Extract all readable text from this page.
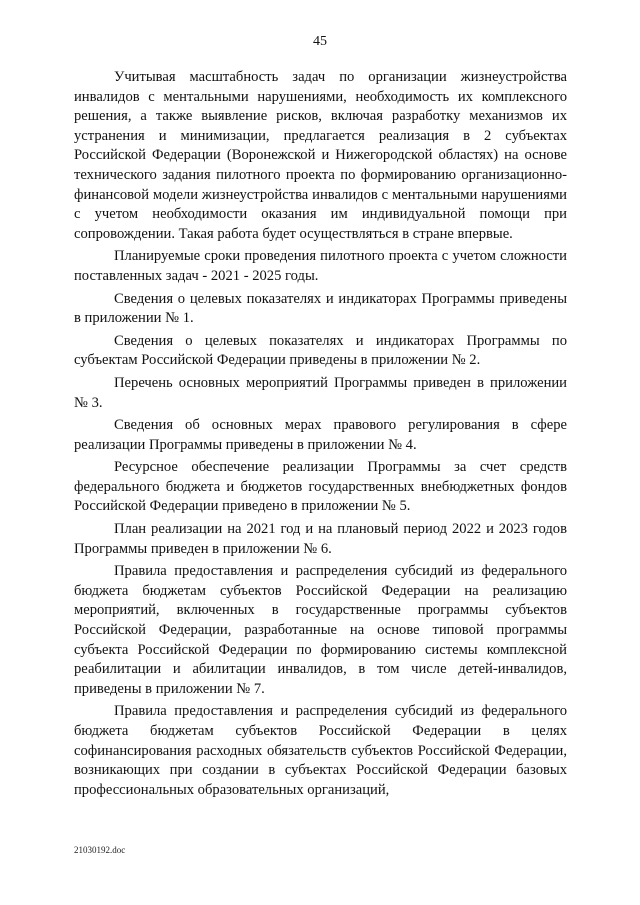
45

Учитывая масштабность задач по организации жизнеустройства инвалидов с ментальными нарушениями, необходимость их комплексного решения, а также выявление рисков, включая разработку механизмов их устранения и минимизации, предлагается реализация в 2 субъектах Российской Федерации (Воронежской и Нижегородской областях) на основе технического задания пилотного проекта по формированию организационно-финансовой модели жизнеустройства инвалидов с ментальными нарушениями с учетом необходимости оказания им индивидуальной помощи при сопровождении. Такая работа будет осуществляться в стране впервые.

Планируемые сроки проведения пилотного проекта с учетом сложности поставленных задач - 2021 - 2025 годы.

Сведения о целевых показателях и индикаторах Программы приведены в приложении № 1.

Сведения о целевых показателях и индикаторах Программы по субъектам Российской Федерации приведены в приложении № 2.

Перечень основных мероприятий Программы приведен в приложении № 3.

Сведения об основных мерах правового регулирования в сфере реализации Программы приведены в приложении № 4.

Ресурсное обеспечение реализации Программы за счет средств федерального бюджета и бюджетов государственных внебюджетных фондов Российской Федерации приведено в приложении № 5.

План реализации на 2021 год и на плановый период 2022 и 2023 годов Программы приведен в приложении № 6.

Правила предоставления и распределения субсидий из федерального бюджета бюджетам субъектов Российской Федерации на реализацию мероприятий, включенных в государственные программы субъектов Российской Федерации, разработанные на основе типовой программы субъекта Российской Федерации по формированию системы комплексной реабилитации и абилитации инвалидов, в том числе детей-инвалидов, приведены в приложении № 7.

Правила предоставления и распределения субсидий из федерального бюджета бюджетам субъектов Российской Федерации в целях софинансирования расходных обязательств субъектов Российской Федерации, возникающих при создании в субъектах Российской Федерации базовых профессиональных образовательных организаций,

21030192.doc
